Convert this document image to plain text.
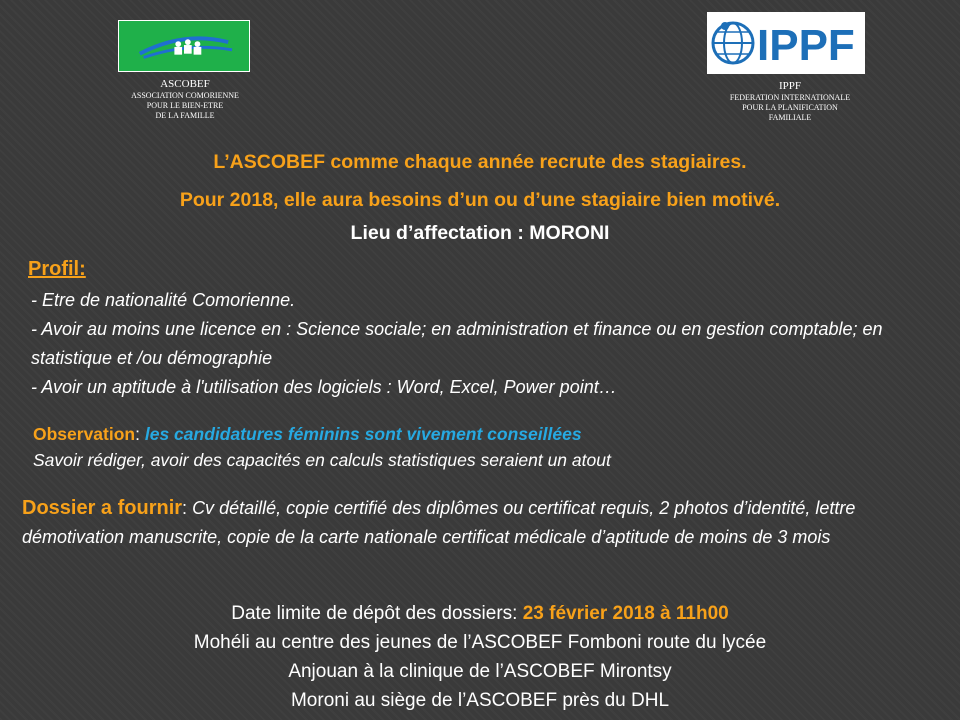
ASCOBEF
ASSOCIATION COMORIENNE
POUR LE BIEN-ETRE
DE LA FAMILLE
IPPF
IPPF
FEDERATION INTERNATIONALE
POUR LA PLANIFICATION
FAMILIALE
L’ASCOBEF comme chaque année recrute des stagiaires.
Pour 2018, elle aura besoins d’un ou d’une stagiaire bien motivé.
Lieu d’affectation : MORONI
Profil:
- Etre de nationalité Comorienne.
- Avoir au moins une licence en : Science sociale; en administration et finance ou en gestion comptable; en statistique et /ou démographie
- Avoir un aptitude à l'utilisation des logiciels : Word, Excel, Power point…
Observation: les candidatures féminins sont vivement conseillées
Savoir rédiger, avoir des capacités en calculs statistiques seraient un atout
Dossier a fournir: Cv détaillé, copie certifié des diplômes ou certificat requis, 2 photos d’identité, lettre démotivation manuscrite, copie de la carte nationale certificat médicale d’aptitude de moins de 3 mois
Date limite de dépôt des dossiers: 23 février 2018 à 11h00
Mohéli au centre des jeunes de l’ASCOBEF Fomboni route du lycée
Anjouan à la clinique de l’ASCOBEF Mirontsy
Moroni au siège de l’ASCOBEF près du DHL
